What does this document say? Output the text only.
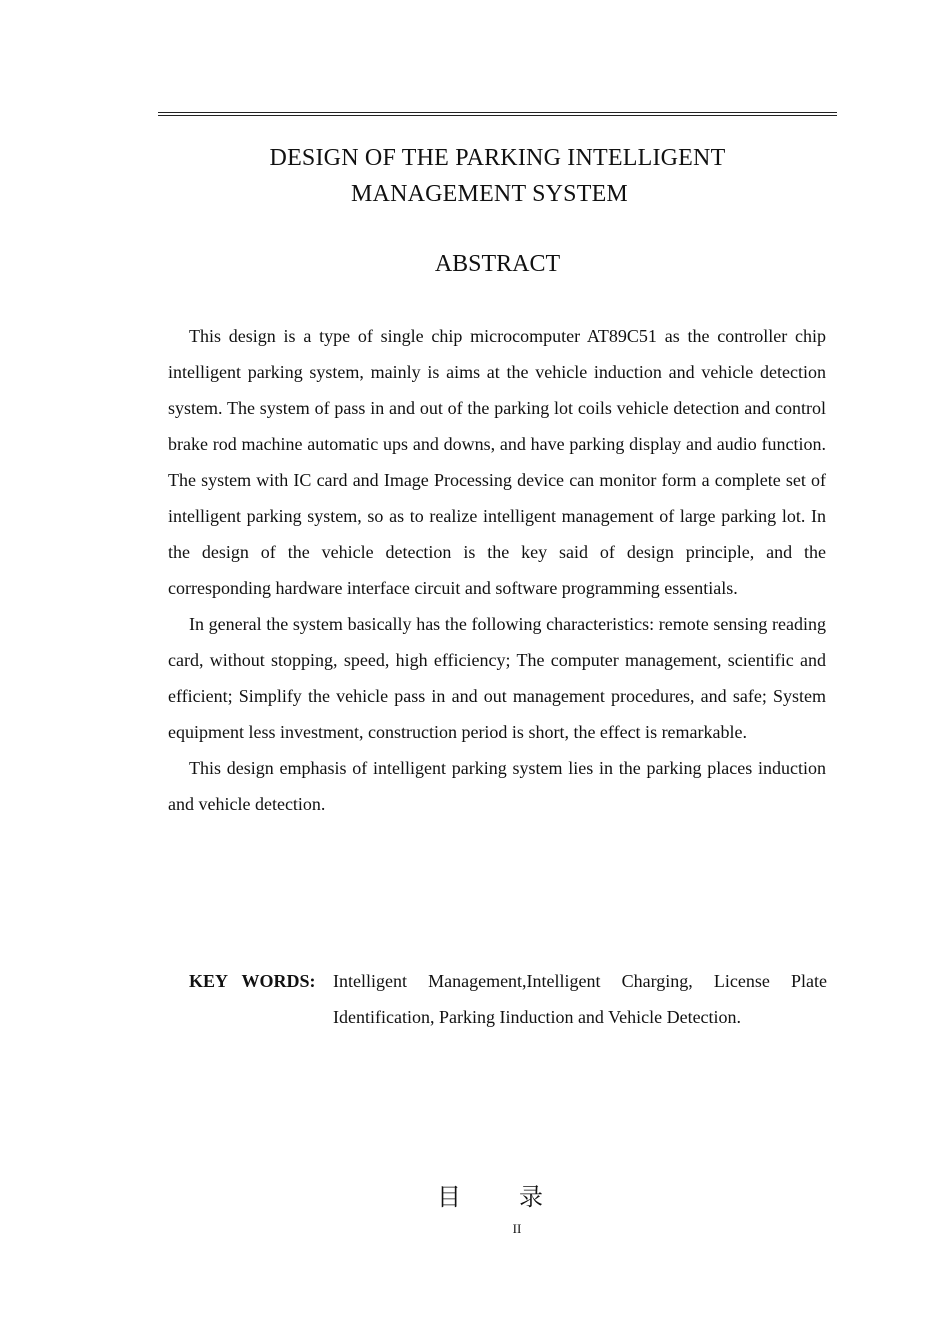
DESIGN OF THE PARKING INTELLIGENT
MANAGEMENT SYSTEM
ABSTRACT

This design is a type of single chip microcomputer AT89C51 as the controller chip intelligent parking system, mainly is aims at the vehicle induction and vehicle detection system. The system of pass in and out of the parking lot coils vehicle detection and control brake rod machine automatic ups and downs, and have parking display and audio function. The system with IC card and Image Processing device can monitor form a complete set of intelligent parking system, so as to realize intelligent management of large parking lot. In the design of the vehicle detection is the key said of design principle, and the corresponding hardware interface circuit and software programming essentials.

In general the system basically has the following characteristics: remote sensing reading card, without stopping, speed, high efficiency; The computer management, scientific and efficient; Simplify the vehicle pass in and out management procedures, and safe; System equipment less investment, construction period is short, the effect is remarkable.

This design emphasis of intelligent parking system lies in the parking places induction and vehicle detection.

KEY WORDS: Intelligent Management,Intelligent Charging, License Plate Identification, Parking Iinduction and Vehicle Detection.
目 录
II
